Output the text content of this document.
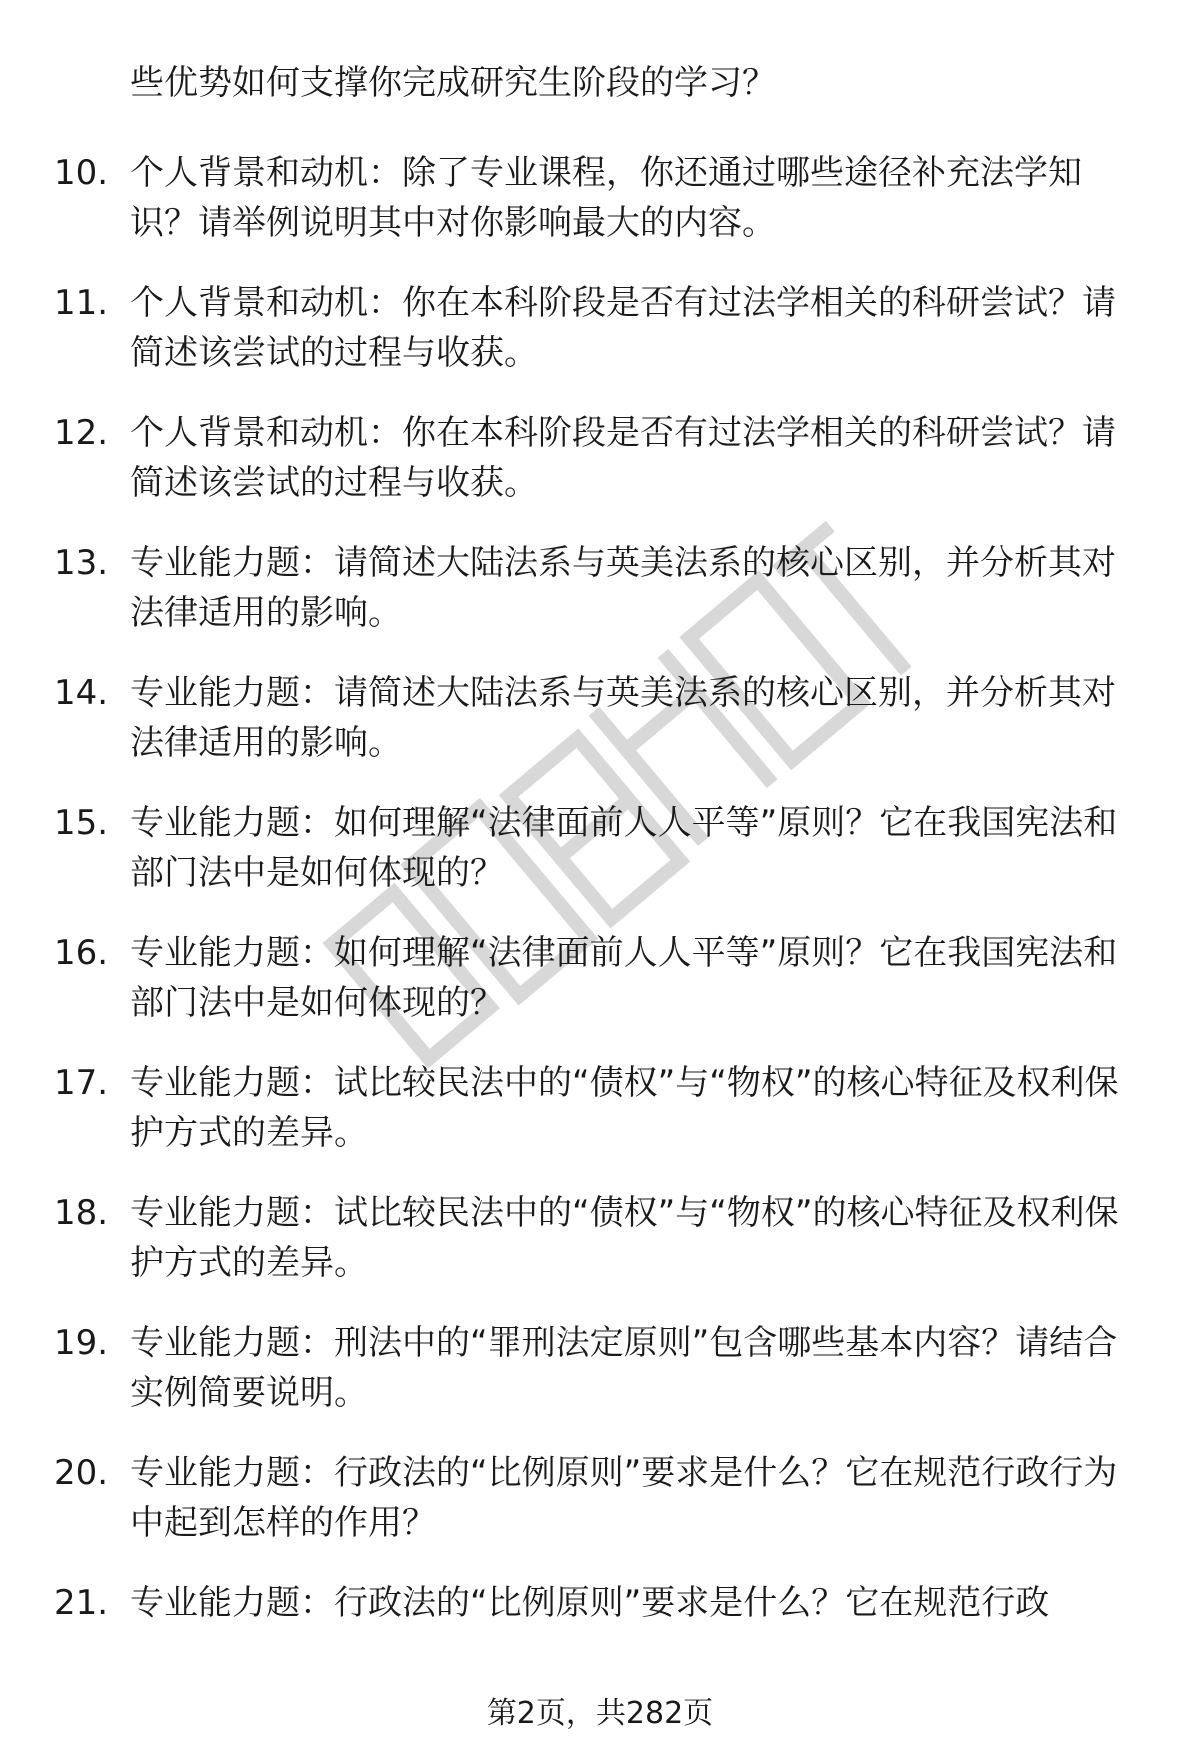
些优势如何支撑你完成研究生阶段的学习？
10. 个人背景和动机：除了专业课程，你还通过哪些途径补充法学知识？请举例说明其中对你影响最大的内容。
11. 个人背景和动机：你在本科阶段是否有过法学相关的科研尝试？请简述该尝试的过程与收获。
12. 个人背景和动机：你在本科阶段是否有过法学相关的科研尝试？请简述该尝试的过程与收获。
13. 专业能力题：请简述大陆法系与英美法系的核心区别，并分析其对法律适用的影响。
14. 专业能力题：请简述大陆法系与英美法系的核心区别，并分析其对法律适用的影响。
15. 专业能力题：如何理解“法律面前人人平等”原则？它在我国宪法和部门法中是如何体现的？
16. 专业能力题：如何理解“法律面前人人平等”原则？它在我国宪法和部门法中是如何体现的？
17. 专业能力题：试比较民法中的“债权”与“物权”的核心特征及权利保护方式的差异。
18. 专业能力题：试比较民法中的“债权”与“物权”的核心特征及权利保护方式的差异。
19. 专业能力题：刑法中的“罪刑法定原则”包含哪些基本内容？请结合实例简要说明。
20. 专业能力题：行政法的“比例原则”要求是什么？它在规范行政行为中起到怎样的作用？
21. 专业能力题：行政法的“比例原则”要求是什么？它在规范行政
第2页，共282页
